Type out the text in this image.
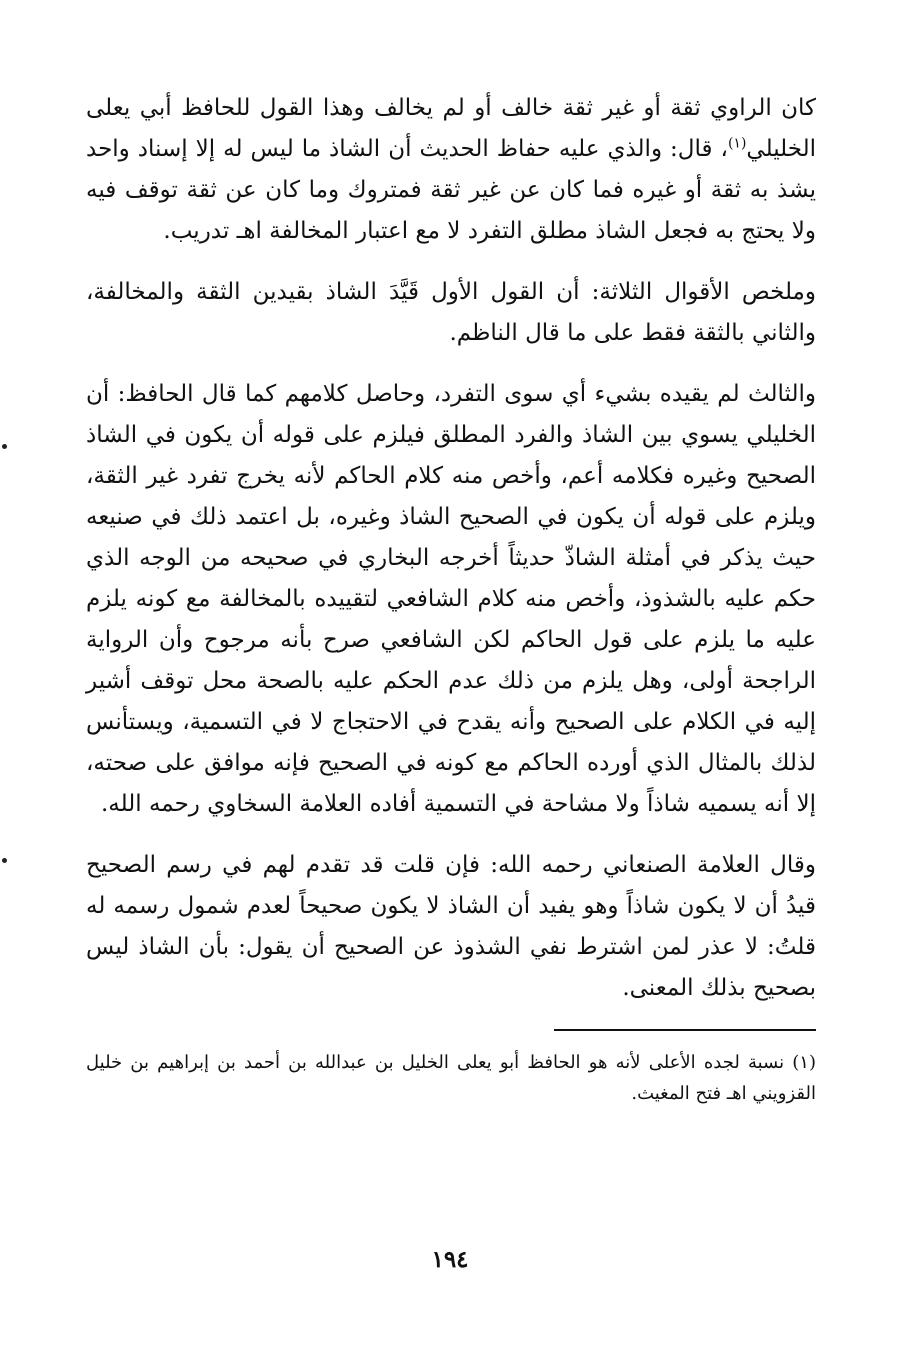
كان الراوي ثقة أو غير ثقة خالف أو لم يخالف وهذا القول للحافظ أبي يعلى الخليلي$^{(١)}$، قال: والذي عليه حفاظ الحديث أن الشاذ ما ليس له إلا إسناد واحد يشذ به ثقة أو غيره فما كان عن غير ثقة فمتروك وما كان عن ثقة توقف فيه ولا يحتج به فجعل الشاذ مطلق التفرد لا مع اعتبار المخالفة اهـ تدريب.

وملخص الأقوال الثلاثة: أن القول الأول قَيَّدَ الشاذ بقيدين الثقة والمخالفة، والثاني بالثقة فقط على ما قال الناظم.

والثالث لم يقيده بشيء أي سوى التفرد، وحاصل كلامهم كما قال الحافظ: أن الخليلي يسوي بين الشاذ والفرد المطلق فيلزم على قوله أن يكون في الشاذ الصحيح وغيره فكلامه أعم، وأخص منه كلام الحاكم لأنه يخرج تفرد غير الثقة، ويلزم على قوله أن يكون في الصحيح الشاذ وغيره، بل اعتمد ذلك في صنيعه حيث يذكر في أمثلة الشاذّ حديثاً أخرجه البخاري في صحيحه من الوجه الذي حكم عليه بالشذوذ، وأخص منه كلام الشافعي لتقييده بالمخالفة مع كونه يلزم عليه ما يلزم على قول الحاكم لكن الشافعي صرح بأنه مرجوح وأن الرواية الراجحة أولى، وهل يلزم من ذلك عدم الحكم عليه بالصحة محل توقف أشير إليه في الكلام على الصحيح وأنه يقدح في الاحتجاج لا في التسمية، ويستأنس لذلك بالمثال الذي أورده الحاكم مع كونه في الصحيح فإنه موافق على صحته، إلا أنه يسميه شاذاً ولا مشاحة في التسمية أفاده العلامة السخاوي رحمه الله.

وقال العلامة الصنعاني رحمه الله: فإن قلت قد تقدم لهم في رسم الصحيح قيدُ أن لا يكون شاذاً وهو يفيد أن الشاذ لا يكون صحيحاً لعدم شمول رسمه له قلتُ: لا عذر لمن اشترط نفي الشذوذ عن الصحيح أن يقول: بأن الشاذ ليس بصحيح بذلك المعنى.

(١) نسبة لجده الأعلى لأنه هو الحافظ أبو يعلى الخليل بن عبدالله بن أحمد بن إبراهيم بن خليل القزويني اهـ فتح المغيث.

١٩٤
